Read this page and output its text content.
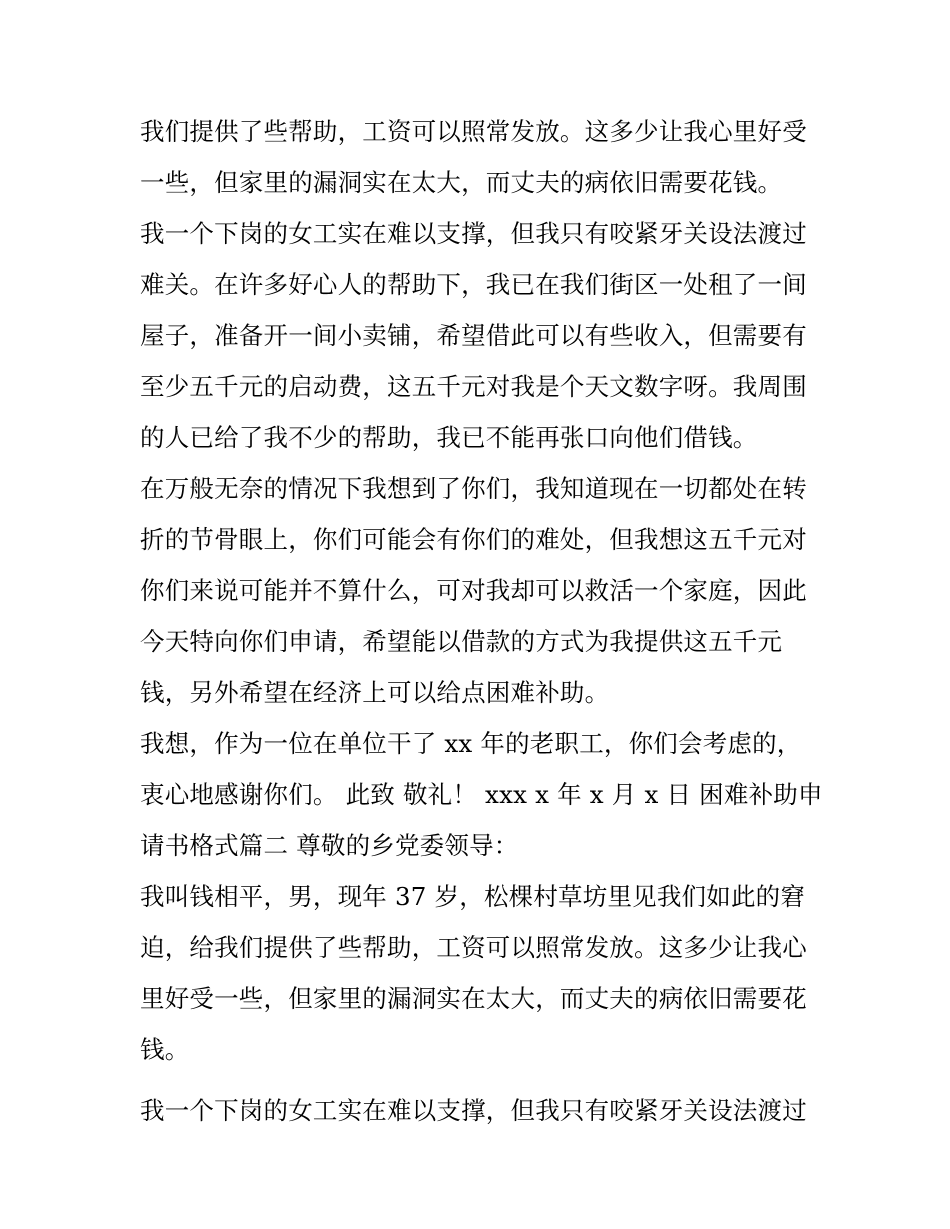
我们提供了些帮助，工资可以照常发放。这多少让我心里好受
一些，但家里的漏洞实在太大，而丈夫的病依旧需要花钱。
我一个下岗的女工实在难以支撑，但我只有咬紧牙关设法渡过
难关。在许多好心人的帮助下，我已在我们街区一处租了一间
屋子，准备开一间小卖铺，希望借此可以有些收入，但需要有
至少五千元的启动费，这五千元对我是个天文数字呀。我周围
的人已给了我不少的帮助，我已不能再张口向他们借钱。
在万般无奈的情况下我想到了你们，我知道现在一切都处在转
折的节骨眼上，你们可能会有你们的难处，但我想这五千元对
你们来说可能并不算什么，可对我却可以救活一个家庭，因此
今天特向你们申请，希望能以借款的方式为我提供这五千元
钱，另外希望在经济上可以给点困难补助。
我想，作为一位在单位干了 xx 年的老职工，你们会考虑的，
衷心地感谢你们。 此致 敬礼！ xxx x 年 x 月 x 日 困难补助申
请书格式篇二 尊敬的乡党委领导：
我叫钱相平，男，现年 37 岁，松棵村草坊里见我们如此的窘
迫，给我们提供了些帮助，工资可以照常发放。这多少让我心
里好受一些，但家里的漏洞实在太大，而丈夫的病依旧需要花
钱。
我一个下岗的女工实在难以支撑，但我只有咬紧牙关设法渡过
